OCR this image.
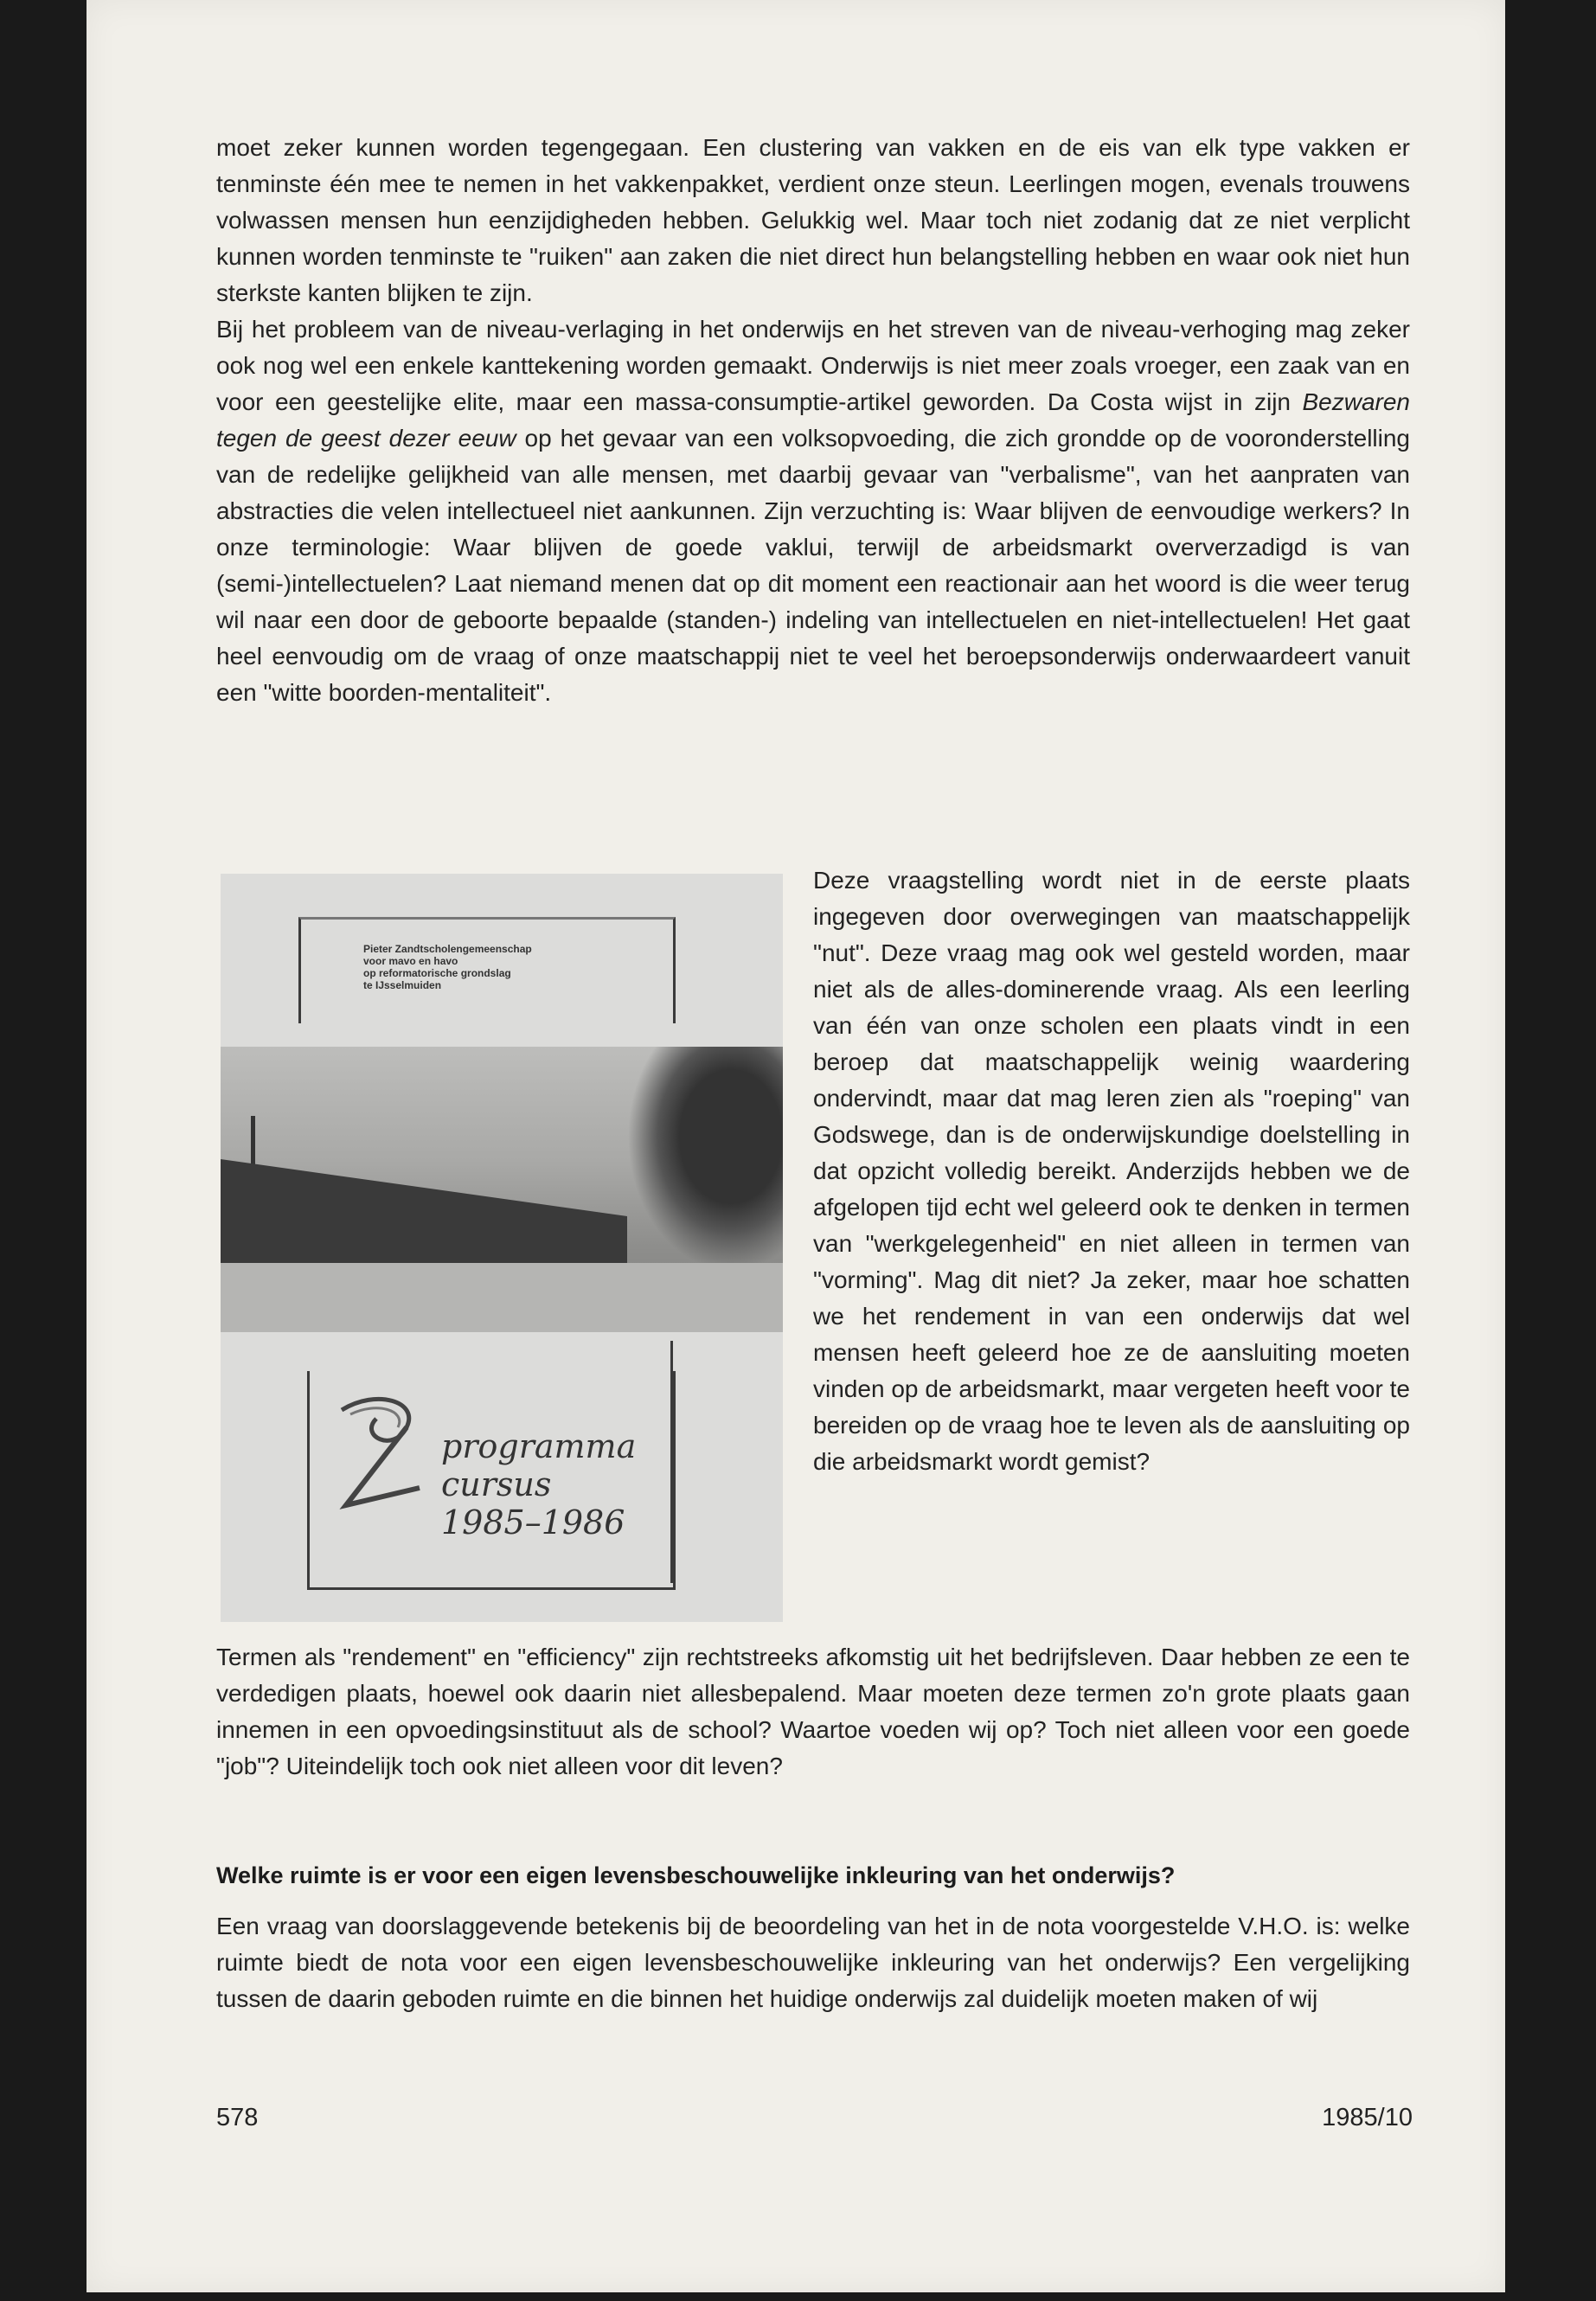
moet zeker kunnen worden tegengegaan. Een clustering van vakken en de eis van elk type vakken er tenminste één mee te nemen in het vakkenpakket, verdient onze steun. Leerlingen mogen, evenals trouwens volwassen mensen hun eenzijdigheden hebben. Gelukkig wel. Maar toch niet zodanig dat ze niet verplicht kunnen worden tenminste te "ruiken" aan zaken die niet direct hun belangstelling hebben en waar ook niet hun sterkste kanten blijken te zijn.

Bij het probleem van de niveau-verlaging in het onderwijs en het streven van de niveau-verhoging mag zeker ook nog wel een enkele kanttekening worden gemaakt. Onderwijs is niet meer zoals vroeger, een zaak van en voor een geestelijke elite, maar een massa-consumptie-artikel geworden. Da Costa wijst in zijn Bezwaren tegen de geest dezer eeuw op het gevaar van een volksopvoeding, die zich grondde op de vooronderstelling van de redelijke gelijkheid van alle mensen, met daarbij gevaar van "verbalisme", van het aanpraten van abstracties die velen intellectueel niet aankunnen. Zijn verzuchting is: Waar blijven de eenvoudige werkers? In onze terminologie: Waar blijven de goede vaklui, terwijl de arbeidsmarkt oververzadigd is van (semi-)intellectuelen? Laat niemand menen dat op dit moment een reactionair aan het woord is die weer terug wil naar een door de geboorte bepaalde (standen-) indeling van intellectuelen en niet-intellectuelen! Het gaat heel eenvoudig om de vraag of onze maatschappij niet te veel het beroepsonderwijs onderwaardeert vanuit een "witte boorden-mentaliteit".

Pieter Zandtscholengemeenschap
voor mavo en havo
op reformatorische grondslag
te IJsselmuiden
programma
cursus
1985–1986

Deze vraagstelling wordt niet in de eerste plaats ingegeven door overwegingen van maatschappelijk "nut". Deze vraag mag ook wel gesteld worden, maar niet als de alles-dominerende vraag. Als een leerling van één van onze scholen een plaats vindt in een beroep dat maatschappelijk weinig waardering ondervindt, maar dat mag leren zien als "roeping" van Godswege, dan is de onderwijskundige doelstelling in dat opzicht volledig bereikt. Anderzijds hebben we de afgelopen tijd echt wel geleerd ook te denken in termen van "werkgelegenheid" en niet alleen in termen van "vorming". Mag dit niet? Ja zeker, maar hoe schatten we het rendement in van een onderwijs dat wel mensen heeft geleerd hoe ze de aansluiting moeten vinden op de arbeidsmarkt, maar vergeten heeft voor te bereiden op de vraag hoe te leven als de aansluiting op die arbeidsmarkt wordt gemist?

Termen als "rendement" en "efficiency" zijn rechtstreeks afkomstig uit het bedrijfsleven. Daar hebben ze een te verdedigen plaats, hoewel ook daarin niet allesbepalend. Maar moeten deze termen zo'n grote plaats gaan innemen in een opvoedingsinstituut als de school? Waartoe voeden wij op? Toch niet alleen voor een goede "job"? Uiteindelijk toch ook niet alleen voor dit leven?

Welke ruimte is er voor een eigen levensbeschouwelijke inkleuring van het onderwijs?

Een vraag van doorslaggevende betekenis bij de beoordeling van het in de nota voorgestelde V.H.O. is: welke ruimte biedt de nota voor een eigen levensbeschouwelijke inkleuring van het onderwijs? Een vergelijking tussen de daarin geboden ruimte en die binnen het huidige onderwijs zal duidelijk moeten maken of wij

578	1985/10
